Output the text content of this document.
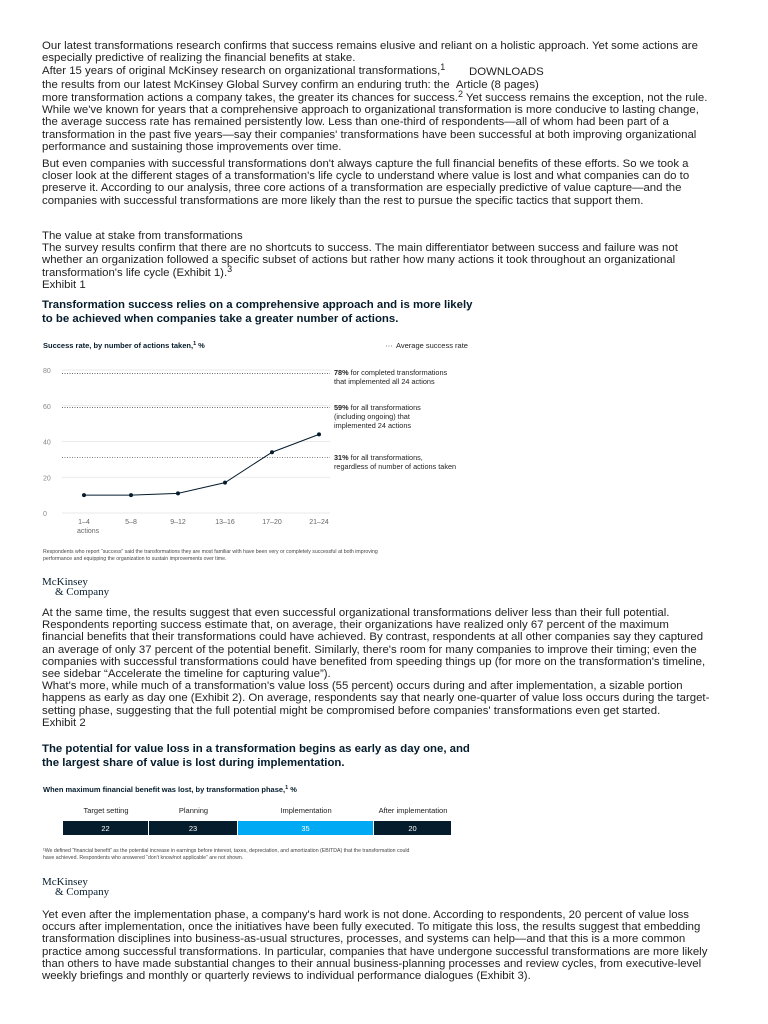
Our latest transformations research confirms that success remains elusive and reliant on a holistic approach. Yet some actions are especially predictive of realizing the financial benefits at stake.

After 15 years of original McKinsey research on organizational transformations,$^1$	DOWNLOADS

the results from our latest McKinsey Global Survey confirm an enduring truth: the Article (8 pages)

more transformation actions a company takes, the greater its chances for success.$^2$ Yet success remains the exception, not the rule. While we've known for years that a comprehensive approach to organizational transformation is more conducive to lasting change, the average success rate has remained persistently low. Less than one-third of respondents—all of whom had been part of a transformation in the past five years—say their companies' transformations have been successful at both improving organizational performance and sustaining those improvements over time.

But even companies with successful transformations don't always capture the full financial benefits of these efforts. So we took a closer look at the different stages of a transformation's life cycle to understand where value is lost and what companies can do to preserve it. According to our analysis, three core actions of a transformation are especially predictive of value capture—and the companies with successful transformations are more likely than the rest to pursue the specific tactics that support them.

The value at stake from transformations

The survey results confirm that there are no shortcuts to success. The main differentiator between success and failure was not whether an organization followed a specific subset of actions but rather how many actions it took throughout an organizational transformation's life cycle (Exhibit 1).$^3$

Exhibit 1

Transformation success relies on a comprehensive approach and is more likely
to be achieved when companies take a greater number of actions.
Success rate, by number of actions taken,$^1$ %	Average success rate
0
20
40
60
80
1–4	5–8	9–12	13–16	17–20	21–24
78% for completed transformations that implemented all 24 actions
59% for all transformations (including ongoing) that implemented 24 actions
31% for all transformations, regardless of number of actions taken
actions
Respondents who report “success” said the transformations they are most familiar with have been very or completely successful at both improving
performance and equipping the organization to sustain improvements over time.
McKinsey
& Company

At the same time, the results suggest that even successful organizational transformations deliver less than their full potential. Respondents reporting success estimate that, on average, their organizations have realized only 67 percent of the maximum financial benefits that their transformations could have achieved. By contrast, respondents at all other companies say they captured an average of only 37 percent of the potential benefit. Similarly, there's room for many companies to improve their timing; even the companies with successful transformations could have benefited from speeding things up (for more on the transformation's timeline, see sidebar “Accelerate the timeline for capturing value”).

What's more, while much of a transformation's value loss (55 percent) occurs during and after implementation, a sizable portion happens as early as day one (Exhibit 2). On average, respondents say that nearly one-quarter of value loss occurs during the target-setting phase, suggesting that the full potential might be compromised before companies' transformations even get started.

Exhibit 2

The potential for value loss in a transformation begins as early as day one, and
the largest share of value is lost during implementation.
When maximum financial benefit was lost, by transformation phase,$^1$ %
Target setting	Planning	Implementation	After implementation
22	23	35	20
¹We defined “financial benefit” as the potential increase in earnings before interest, taxes, depreciation, and amortization (EBITDA) that the transformation could
have achieved. Respondents who answered “don't know/not applicable” are not shown.
McKinsey
& Company

Yet even after the implementation phase, a company's hard work is not done. According to respondents, 20 percent of value loss occurs after implementation, once the initiatives have been fully executed. To mitigate this loss, the results suggest that embedding transformation disciplines into business-as-usual structures, processes, and systems can help—and that this is a more common practice among successful transformations. In particular, companies that have undergone successful transformations are more likely than others to have made substantial changes to their annual business-planning processes and review cycles, from executive-level weekly briefings and monthly or quarterly reviews to individual performance dialogues (Exhibit 3).
